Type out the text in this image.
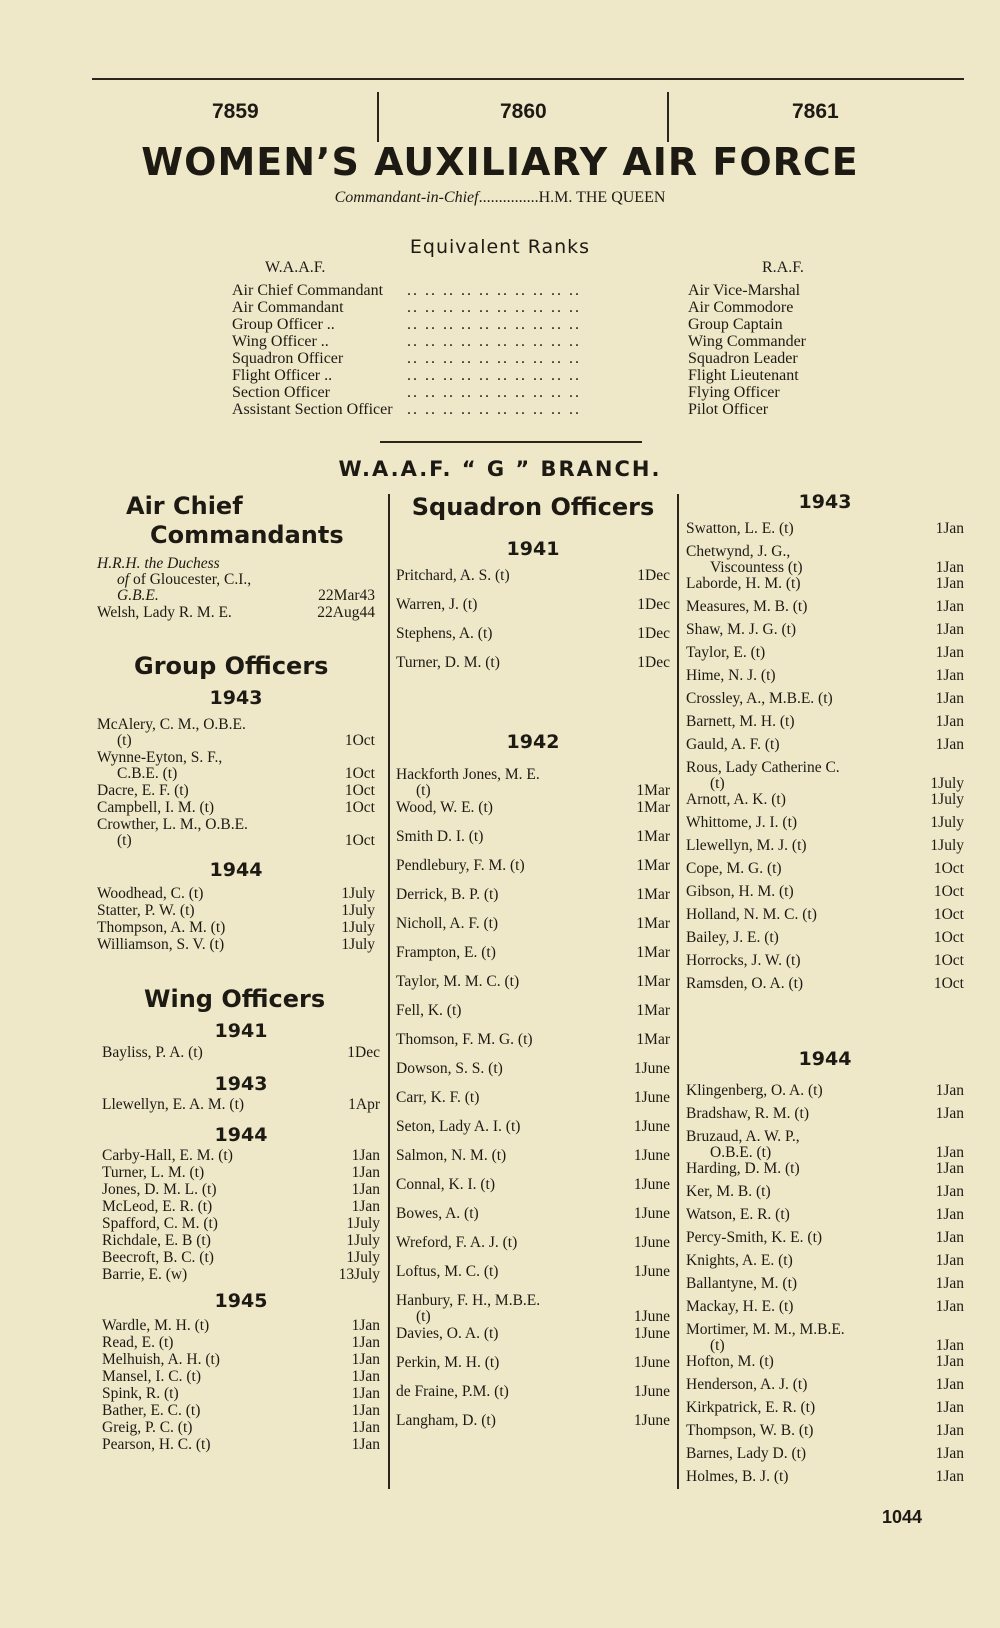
7859	7860	7861
WOMEN’S AUXILIARY AIR FORCE
Commandant-in-Chief...............H.M. THE QUEEN
Equivalent Ranks
W.A.A.F.	R.A.F.
.. .. .. .. .. .. .. .. .. ..
Air Chief Commandant	Air Vice-Marshal
.. .. .. .. .. .. .. .. .. ..
Air Commandant	Air Commodore
.. .. .. .. .. .. .. .. .. ..
Group Officer ..	Group Captain
.. .. .. .. .. .. .. .. .. ..
Wing Officer ..	Wing Commander
.. .. .. .. .. .. .. .. .. ..
Squadron Officer	Squadron Leader
.. .. .. .. .. .. .. .. .. ..
Flight Officer ..	Flight Lieutenant
.. .. .. .. .. .. .. .. .. ..
Section Officer	Flying Officer
.. .. .. .. .. .. .. .. .. ..
Assistant Section Officer	Pilot Officer
W.A.A.F. “ G ” BRANCH.
Air Chief
Commandants
H.R.H. the Duchess
of of Gloucester, C.I.,
G.B.E.	22Mar43
Welsh, Lady R. M. E.	22Aug44
Group Officers
1943
McAlery, C. M., O.B.E.
(t)	1Oct
Wynne-Eyton, S. F.,
C.B.E. (t)	1Oct
Dacre, E. F. (t)	1Oct
Campbell, I. M. (t)	1Oct
Crowther, L. M., O.B.E.
(t)	1Oct
1944
Woodhead, C. (t)	1July
Statter, P. W. (t)	1July
Thompson, A. M. (t)	1July
Williamson, S. V. (t)	1July
Wing Officers
1941
Bayliss, P. A. (t)	1Dec
1943
Llewellyn, E. A. M. (t)	1Apr
1944
Carby-Hall, E. M. (t)	1Jan
Turner, L. M. (t)	1Jan
Jones, D. M. L. (t)	1Jan
McLeod, E. R. (t)	1Jan
Spafford, C. M. (t)	1July
Richdale, E. B (t)	1July
Beecroft, B. C. (t)	1July
Barrie, E. (w)	13July
1945
Wardle, M. H. (t)	1Jan
Read, E. (t)	1Jan
Melhuish, A. H. (t)	1Jan
Mansel, I. C. (t)	1Jan
Spink, R. (t)	1Jan
Bather, E. C. (t)	1Jan
Greig, P. C. (t)	1Jan
Pearson, H. C. (t)	1Jan
Squadron Officers
1941
Pritchard, A. S. (t)	1Dec
Warren, J. (t)	1Dec
Stephens, A. (t)	1Dec
Turner, D. M. (t)	1Dec
1942
Hackforth Jones, M. E.
(t)	1Mar
Wood, W. E. (t)	1Mar
Smith D. I. (t)	1Mar
Pendlebury, F. M. (t)	1Mar
Derrick, B. P. (t)	1Mar
Nicholl, A. F. (t)	1Mar
Frampton, E. (t)	1Mar
Taylor, M. M. C. (t)	1Mar
Fell, K. (t)	1Mar
Thomson, F. M. G. (t)	1Mar
Dowson, S. S. (t)	1June
Carr, K. F. (t)	1June
Seton, Lady A. I. (t)	1June
Salmon, N. M. (t)	1June
Connal, K. I. (t)	1June
Bowes, A. (t)	1June
Wreford, F. A. J. (t)	1June
Loftus, M. C. (t)	1June
Hanbury, F. H., M.B.E.
(t)	1June
Davies, O. A. (t)	1June
Perkin, M. H. (t)	1June
de Fraine, P.M. (t)	1June
Langham, D. (t)	1June
1943
Swatton, L. E. (t)	1Jan
Chetwynd, J. G.,
Viscountess (t)	1Jan
Laborde, H. M. (t)	1Jan
Measures, M. B. (t)	1Jan
Shaw, M. J. G. (t)	1Jan
Taylor, E. (t)	1Jan
Hime, N. J. (t)	1Jan
Crossley, A., M.B.E. (t)	1Jan
Barnett, M. H. (t)	1Jan
Gauld, A. F. (t)	1Jan
Rous, Lady Catherine C.
(t)	1July
Arnott, A. K. (t)	1July
Whittome, J. I. (t)	1July
Llewellyn, M. J. (t)	1July
Cope, M. G. (t)	1Oct
Gibson, H. M. (t)	1Oct
Holland, N. M. C. (t)	1Oct
Bailey, J. E. (t)	1Oct
Horrocks, J. W. (t)	1Oct
Ramsden, O. A. (t)	1Oct
1944
Klingenberg, O. A. (t)	1Jan
Bradshaw, R. M. (t)	1Jan
Bruzaud, A. W. P.,
O.B.E. (t)	1Jan
Harding, D. M. (t)	1Jan
Ker, M. B. (t)	1Jan
Watson, E. R. (t)	1Jan
Percy-Smith, K. E. (t)	1Jan
Knights, A. E. (t)	1Jan
Ballantyne, M. (t)	1Jan
Mackay, H. E. (t)	1Jan
Mortimer, M. M., M.B.E.
(t)	1Jan
Hofton, M. (t)	1Jan
Henderson, A. J. (t)	1Jan
Kirkpatrick, E. R. (t)	1Jan
Thompson, W. B. (t)	1Jan
Barnes, Lady D. (t)	1Jan
Holmes, B. J. (t)	1Jan
1044
